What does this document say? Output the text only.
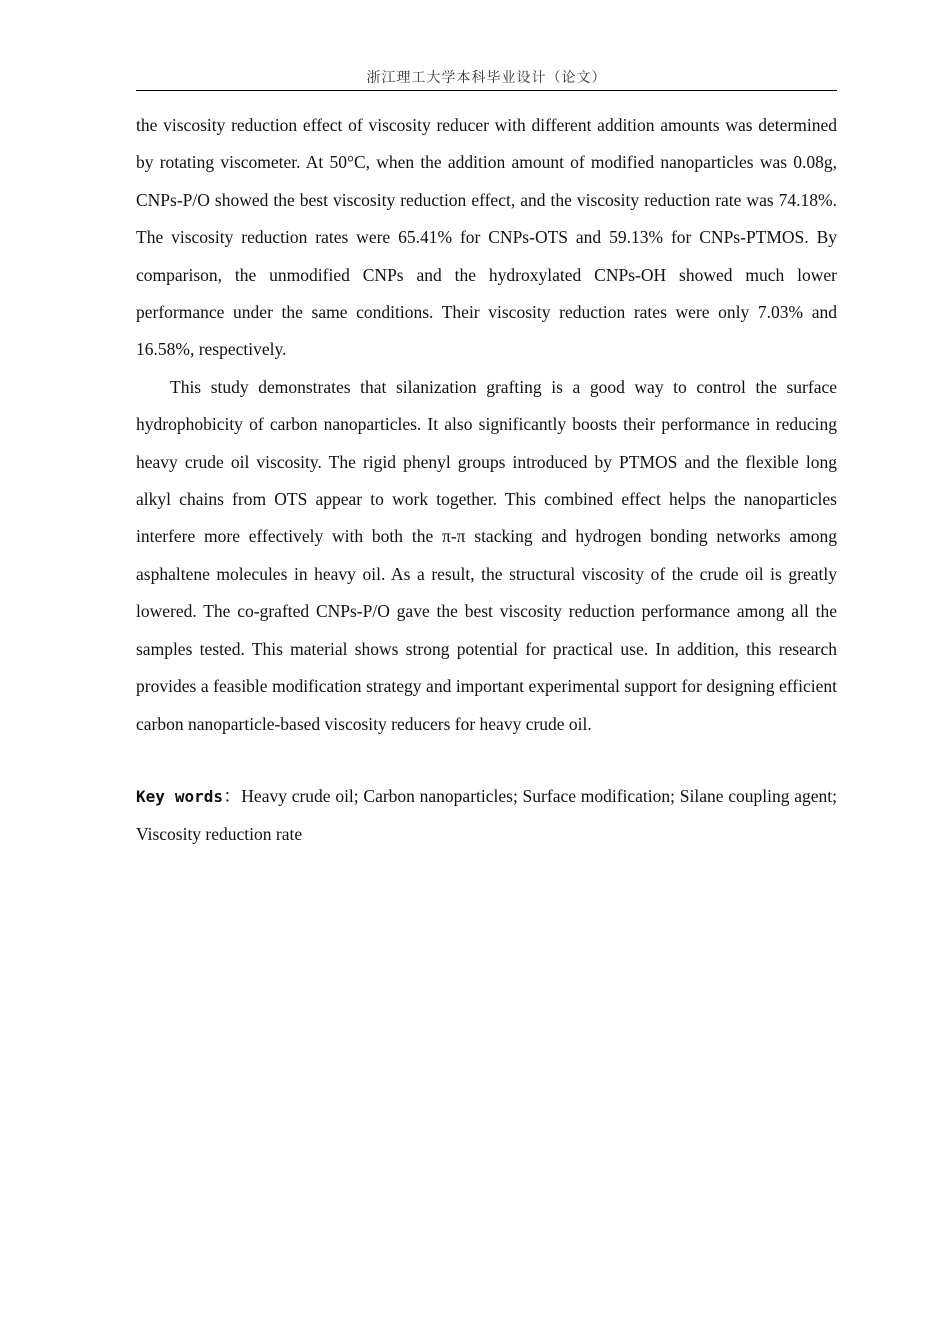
浙江理工大学本科毕业设计（论文）

the viscosity reduction effect of viscosity reducer with different addition amounts was determined by rotating viscometer. At 50°C, when the addition amount of modified nanoparticles was 0.08g, CNPs-P/O showed the best viscosity reduction effect, and the viscosity reduction rate was 74.18%. The viscosity reduction rates were 65.41% for CNPs-OTS and 59.13% for CNPs-PTMOS. By comparison, the unmodified CNPs and the hydroxylated CNPs-OH showed much lower performance under the same conditions. Their viscosity reduction rates were only 7.03% and 16.58%, respectively.

This study demonstrates that silanization grafting is a good way to control the surface hydrophobicity of carbon nanoparticles. It also significantly boosts their performance in reducing heavy crude oil viscosity. The rigid phenyl groups introduced by PTMOS and the flexible long alkyl chains from OTS appear to work together. This combined effect helps the nanoparticles interfere more effectively with both the π-π stacking and hydrogen bonding networks among asphaltene molecules in heavy oil. As a result, the structural viscosity of the crude oil is greatly lowered. The co-grafted CNPs-P/O gave the best viscosity reduction performance among all the samples tested. This material shows strong potential for practical use. In addition, this research provides a feasible modification strategy and important experimental support for designing efficient carbon nanoparticle-based viscosity reducers for heavy crude oil.

Key words：Heavy crude oil; Carbon nanoparticles; Surface modification; Silane coupling agent; Viscosity reduction rate
